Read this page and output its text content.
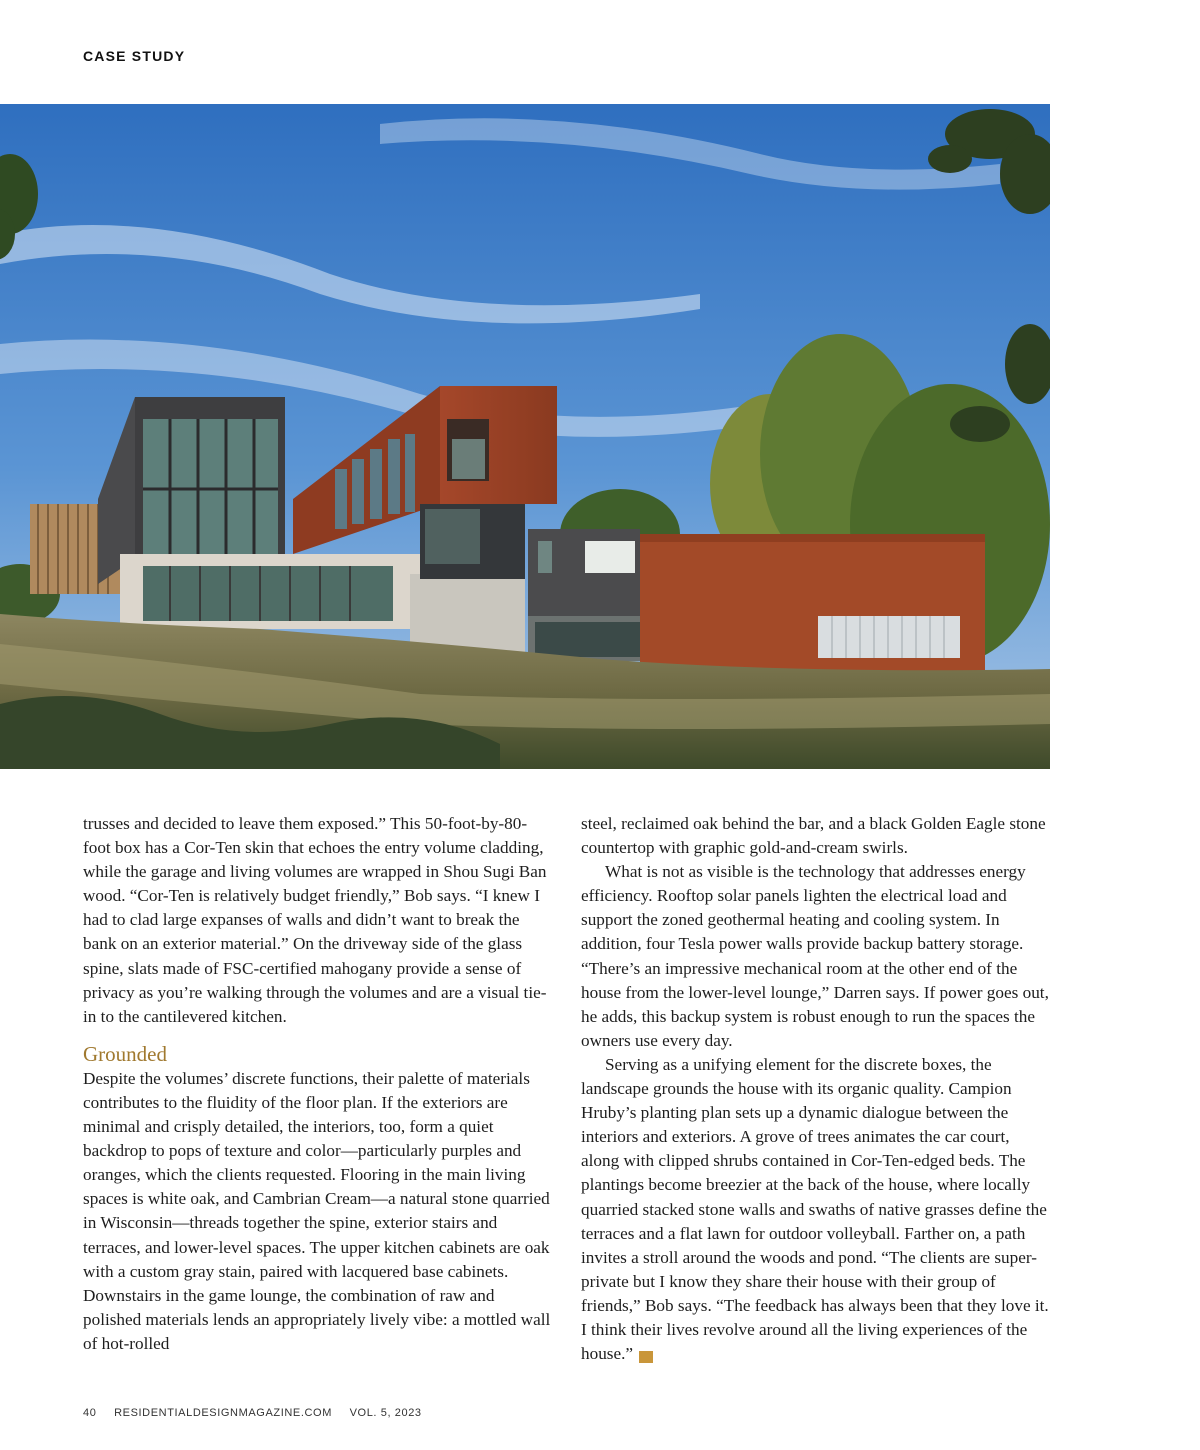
CASE STUDY

trusses and decided to leave them exposed.” This 50-foot-by-80-foot box has a Cor-Ten skin that echoes the entry volume cladding, while the garage and living volumes are wrapped in Shou Sugi Ban wood. “Cor-Ten is relatively budget friendly,” Bob says. “I knew I had to clad large expanses of walls and didn’t want to break the bank on an exterior material.” On the driveway side of the glass spine, slats made of FSC-certified mahogany provide a sense of privacy as you’re walking through the volumes and are a visual tie-in to the cantilevered kitchen.

Grounded

Despite the volumes’ discrete functions, their palette of materials contributes to the fluidity of the floor plan. If the exteriors are minimal and crisply detailed, the interiors, too, form a quiet backdrop to pops of texture and color—particularly purples and oranges, which the clients requested. Flooring in the main living spaces is white oak, and Cambrian Cream—a natural stone quarried in Wisconsin—threads together the spine, exterior stairs and terraces, and lower-level spaces. The upper kitchen cabinets are oak with a custom gray stain, paired with lacquered base cabinets. Downstairs in the game lounge, the combination of raw and polished materials lends an appropriately lively vibe: a mottled wall of hot-rolled

steel, reclaimed oak behind the bar, and a black Golden Eagle stone countertop with graphic gold-and-cream swirls.

What is not as visible is the technology that addresses energy efficiency. Rooftop solar panels lighten the electrical load and support the zoned geothermal heating and cooling system. In addition, four Tesla power walls provide backup battery storage. “There’s an impressive mechanical room at the other end of the house from the lower-level lounge,” Darren says. If power goes out, he adds, this backup system is robust enough to run the spaces the owners use every day.

Serving as a unifying element for the discrete boxes, the landscape grounds the house with its organic quality. Campion Hruby’s planting plan sets up a dynamic dialogue between the interiors and exteriors. A grove of trees animates the car court, along with clipped shrubs contained in Cor-Ten-edged beds. The plantings become breezier at the back of the house, where locally quarried stacked stone walls and swaths of native grasses define the terraces and a flat lawn for outdoor volleyball. Farther on, a path invites a stroll around the woods and pond. “The clients are super-private but I know they share their house with their group of friends,” Bob says. “The feedback has always been that they love it. I think their lives revolve around all the living experiences of the house.”	RD

40 RESIDENTIALDESIGNMAGAZINE.COM VOL. 5, 2023
